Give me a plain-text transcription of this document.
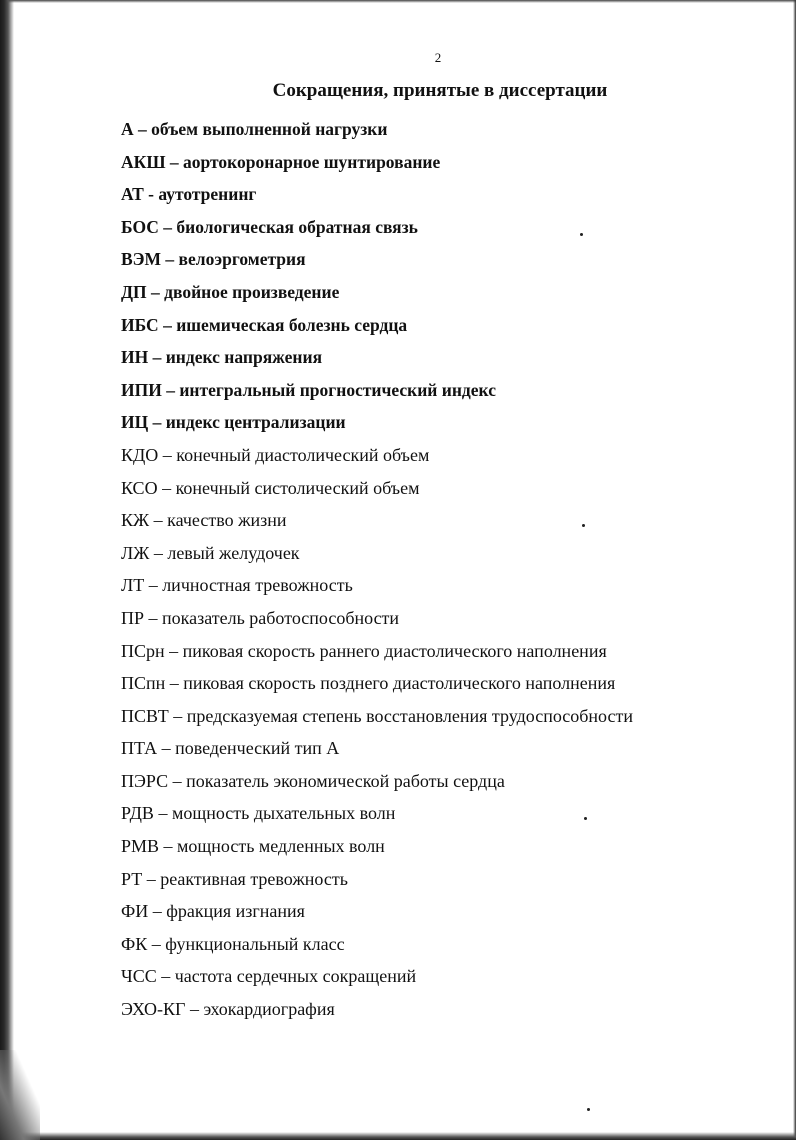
2
Сокращения, принятые в диссертации
А – объем выполненной нагрузки
АКШ – аортокоронарное шунтирование
АТ - аутотренинг
БОС – биологическая обратная связь
ВЭМ – велоэргометрия
ДП – двойное произведение
ИБС – ишемическая болезнь сердца
ИН – индекс напряжения
ИПИ – интегральный прогностический индекс
ИЦ – индекс централизации
КДО – конечный диастолический объем
КСО – конечный систолический объем
КЖ – качество жизни
ЛЖ – левый желудочек
ЛТ – личностная тревожность
ПР – показатель работоспособности
ПСрн – пиковая скорость раннего диастолического наполнения
ПСпн – пиковая скорость позднего диастолического наполнения
ПСВТ – предсказуемая степень восстановления трудоспособности
ПТА – поведенческий тип А
ПЭРС – показатель экономической работы сердца
РДВ – мощность дыхательных волн
РМВ – мощность медленных волн
РТ – реактивная тревожность
ФИ – фракция изгнания
ФК – функциональный класс
ЧСС – частота сердечных сокращений
ЭХО-КГ – эхокардиография
